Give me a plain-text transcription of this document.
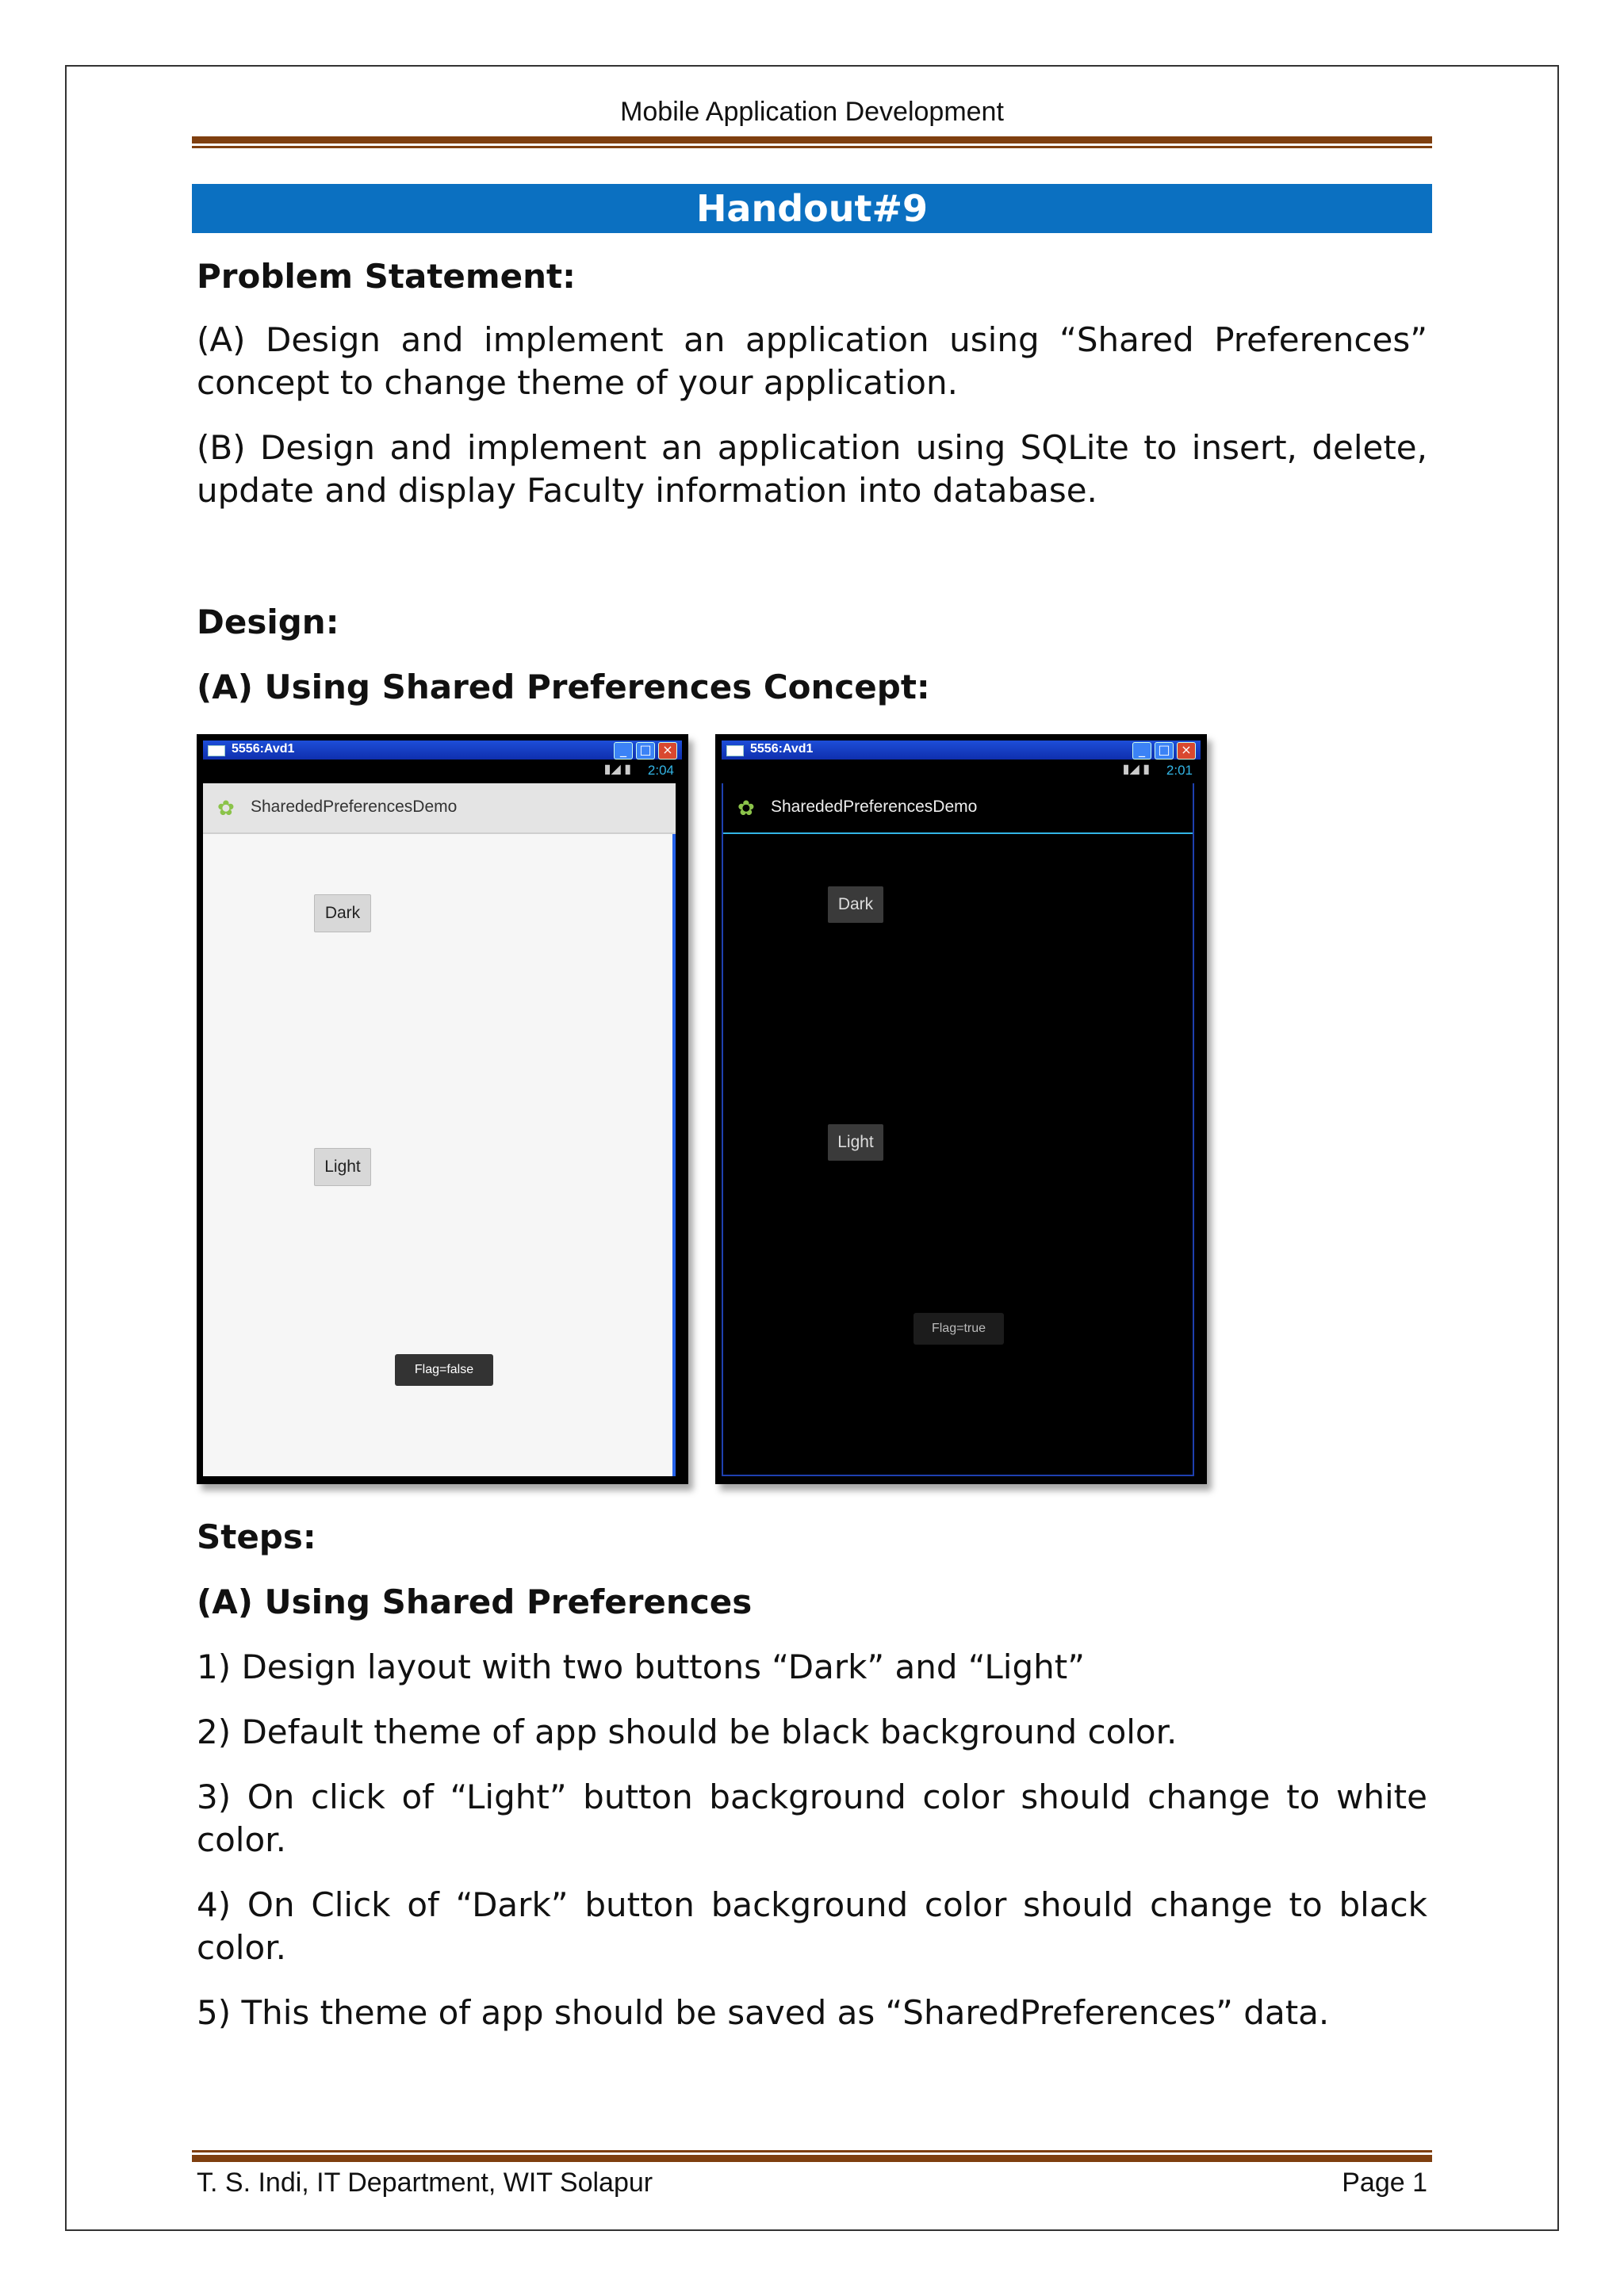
Mobile Application Development
Handout#9

Problem Statement:

(A) Design and implement an application using “Shared Preferences” concept to change theme of your application.

(B) Design and implement an application using SQLite to insert, delete, update and display Faculty information into database.

Design:

(A) Using Shared Preferences Concept:

5556:Avd1	_	□ ×
▮◢ ▮ 2:04
✿ SharededPreferencesDemo
Dark
Light
Flag=false
5556:Avd1	_	□ ×
▮◢ ▮ 2:01
✿ SharededPreferencesDemo
Dark
Light
Flag=true

Steps:

(A) Using Shared Preferences

1) Design layout with two buttons “Dark” and “Light”

2) Default theme of app should be black background color.

3) On click of “Light” button background color should change to white color.

4) On Click of “Dark” button background color should change to black color.

5) This theme of app should be saved as “SharedPreferences” data.

T. S. Indi, IT Department, WIT Solapur	Page 1
